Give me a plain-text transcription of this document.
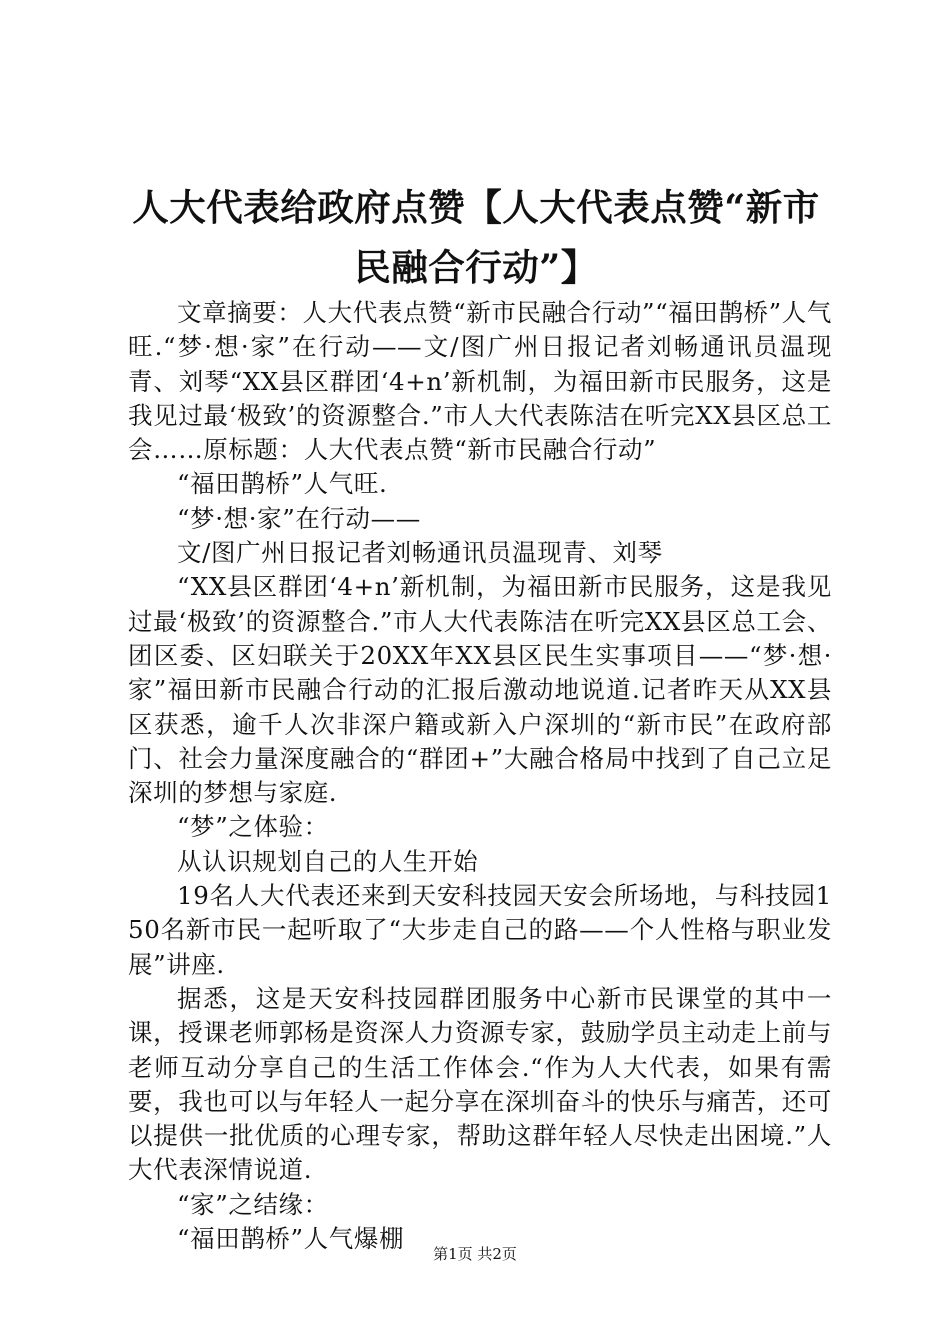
人大代表给政府点赞【人大代表点赞“新市民融合行动”】

文章摘要：人大代表点赞“新市民融合行动”“福田鹊桥”人气旺.“梦·想·家”在行动——文/图广州日报记者刘畅通讯员温现青、刘琴“XX县区群团‘4+n’新机制，为福田新市民服务，这是我见过最‘极致’的资源整合.”市人大代表陈洁在听完XX县区总工会……原标题：人大代表点赞“新市民融合行动”

“福田鹊桥”人气旺.

“梦·想·家”在行动——

文/图广州日报记者刘畅通讯员温现青、刘琴

“XX县区群团‘4+n’新机制，为福田新市民服务，这是我见过最‘极致’的资源整合.”市人大代表陈洁在听完XX县区总工会、团区委、区妇联关于20XX年XX县区民生实事项目——“梦·想·家”福田新市民融合行动的汇报后激动地说道.记者昨天从XX县区获悉，逾千人次非深户籍或新入户深圳的“新市民”在政府部门、社会力量深度融合的“群团+”大融合格局中找到了自己立足深圳的梦想与家庭.

“梦”之体验：

从认识规划自己的人生开始

19名人大代表还来到天安科技园天安会所场地，与科技园150名新市民一起听取了“大步走自己的路——个人性格与职业发展”讲座.

据悉，这是天安科技园群团服务中心新市民课堂的其中一课，授课老师郭杨是资深人力资源专家，鼓励学员主动走上前与老师互动分享自己的生活工作体会.“作为人大代表，如果有需要，我也可以与年轻人一起分享在深圳奋斗的快乐与痛苦，还可以提供一批优质的心理专家，帮助这群年轻人尽快走出困境.”人大代表深情说道.

“家”之结缘：

“福田鹊桥”人气爆棚

第1页 共2页
